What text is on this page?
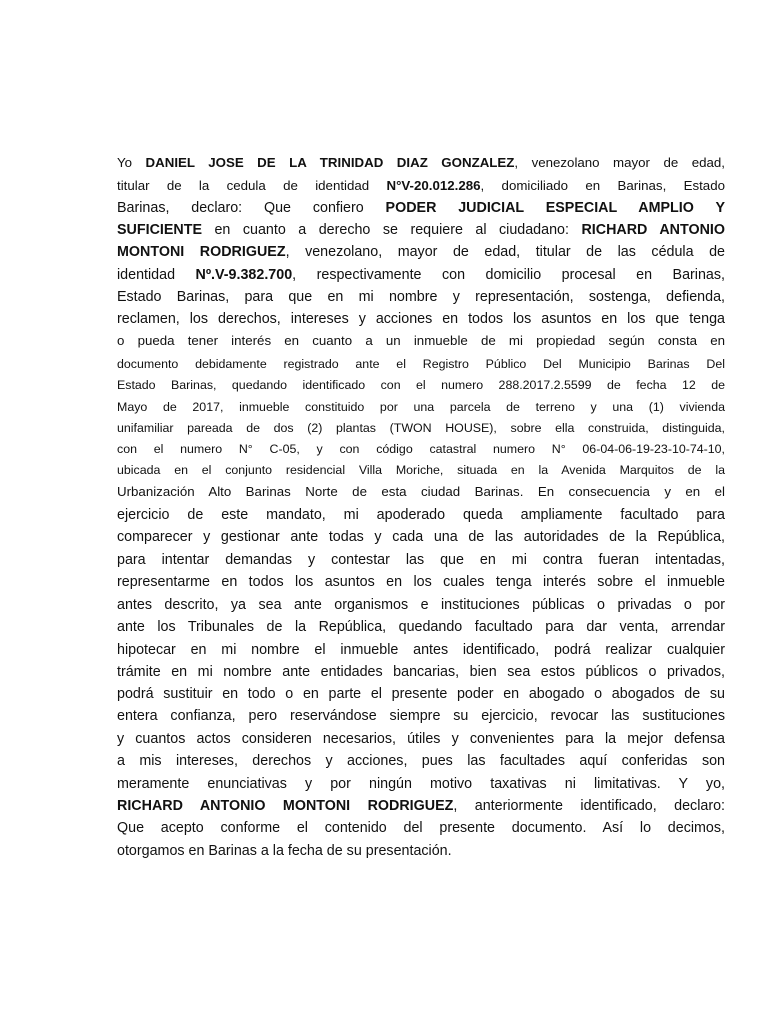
Yo DANIEL JOSE DE LA TRINIDAD DIAZ GONZALEZ, venezolano mayor de edad,

titular de la cedula de identidad N°V-20.012.286, domiciliado en Barinas, Estado

Barinas, declaro: Que confiero PODER JUDICIAL ESPECIAL AMPLIO Y

SUFICIENTE en cuanto a derecho se requiere al ciudadano: RICHARD ANTONIO

MONTONI RODRIGUEZ, venezolano, mayor de edad, titular de las cédula de

identidad Nº.V-9.382.700, respectivamente con domicilio procesal en Barinas,

Estado Barinas, para que en mi nombre y representación, sostenga, defienda,

reclamen, los derechos, intereses y acciones en todos los asuntos en los que tenga

o pueda tener interés en cuanto a un inmueble de mi propiedad según consta en

documento debidamente registrado ante el Registro Público Del Municipio Barinas Del

Estado Barinas, quedando identificado con el numero 288.2017.2.5599 de fecha 12 de

Mayo de 2017, inmueble constituido por una parcela de terreno y una (1) vivienda

unifamiliar pareada de dos (2) plantas (TWON HOUSE), sobre ella construida, distinguida,

con el numero N° C-05, y con código catastral numero N° 06-04-06-19-23-10-74-10,

ubicada en el conjunto residencial Villa Moriche, situada en la Avenida Marquitos de la

Urbanización Alto Barinas Norte de esta ciudad Barinas. En consecuencia y en el

ejercicio de este mandato, mi apoderado queda ampliamente facultado para

comparecer y gestionar ante todas y cada una de las autoridades de la República,

para intentar demandas y contestar las que en mi contra fueran intentadas,

representarme en todos los asuntos en los cuales tenga interés sobre el inmueble

antes descrito, ya sea ante organismos e instituciones públicas o privadas o por

ante los Tribunales de la República, quedando facultado para dar venta, arrendar

hipotecar en mi nombre el inmueble antes identificado, podrá realizar cualquier

trámite en mi nombre ante entidades bancarias, bien sea estos públicos o privados,

podrá sustituir en todo o en parte el presente poder en abogado o abogados de su

entera confianza, pero reservándose siempre su ejercicio, revocar las sustituciones

y cuantos actos consideren necesarios, útiles y convenientes para la mejor defensa

a mis intereses, derechos y acciones, pues las facultades aquí conferidas son

meramente enunciativas y por ningún motivo taxativas ni limitativas. Y yo,

RICHARD ANTONIO MONTONI RODRIGUEZ, anteriormente identificado, declaro:

Que acepto conforme el contenido del presente documento. Así lo decimos,

otorgamos en Barinas a la fecha de su presentación.
